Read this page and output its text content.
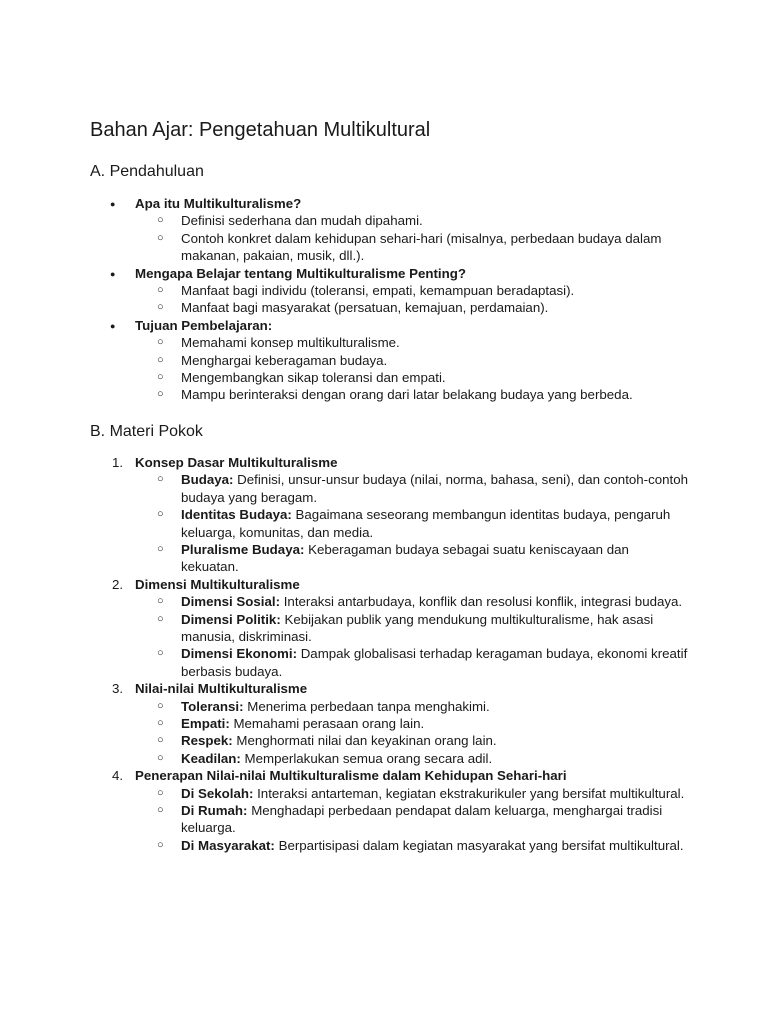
Bahan Ajar: Pengetahuan Multikultural
A. Pendahuluan
●	Apa itu Multikulturalisme?
○ Definisi sederhana dan mudah dipahami.
○ Contoh konkret dalam kehidupan sehari-hari (misalnya, perbedaan budaya dalam makanan, pakaian, musik, dll.).
●	Mengapa Belajar tentang Multikulturalisme Penting?
○ Manfaat bagi individu (toleransi, empati, kemampuan beradaptasi).
○ Manfaat bagi masyarakat (persatuan, kemajuan, perdamaian).
●	Tujuan Pembelajaran:
○ Memahami konsep multikulturalisme.
○ Menghargai keberagaman budaya.
○ Mengembangkan sikap toleransi dan empati.
○ Mampu berinteraksi dengan orang dari latar belakang budaya yang berbeda.
B. Materi Pokok
1. Konsep Dasar Multikulturalisme
○ Budaya: Definisi, unsur-unsur budaya (nilai, norma, bahasa, seni), dan contoh-contoh budaya yang beragam.
○ Identitas Budaya: Bagaimana seseorang membangun identitas budaya, pengaruh keluarga, komunitas, dan media.
○ Pluralisme Budaya: Keberagaman budaya sebagai suatu keniscayaan dan kekuatan.
2. Dimensi Multikulturalisme
○ Dimensi Sosial: Interaksi antarbudaya, konflik dan resolusi konflik, integrasi budaya.
○ Dimensi Politik: Kebijakan publik yang mendukung multikulturalisme, hak asasi manusia, diskriminasi.
○ Dimensi Ekonomi: Dampak globalisasi terhadap keragaman budaya, ekonomi kreatif berbasis budaya.
3. Nilai-nilai Multikulturalisme
○ Toleransi: Menerima perbedaan tanpa menghakimi.
○ Empati: Memahami perasaan orang lain.
○ Respek: Menghormati nilai dan keyakinan orang lain.
○ Keadilan: Memperlakukan semua orang secara adil.
4. Penerapan Nilai-nilai Multikulturalisme dalam Kehidupan Sehari-hari
○ Di Sekolah: Interaksi antarteman, kegiatan ekstrakurikuler yang bersifat multikultural.
○ Di Rumah: Menghadapi perbedaan pendapat dalam keluarga, menghargai tradisi keluarga.
○ Di Masyarakat: Berpartisipasi dalam kegiatan masyarakat yang bersifat multikultural.
